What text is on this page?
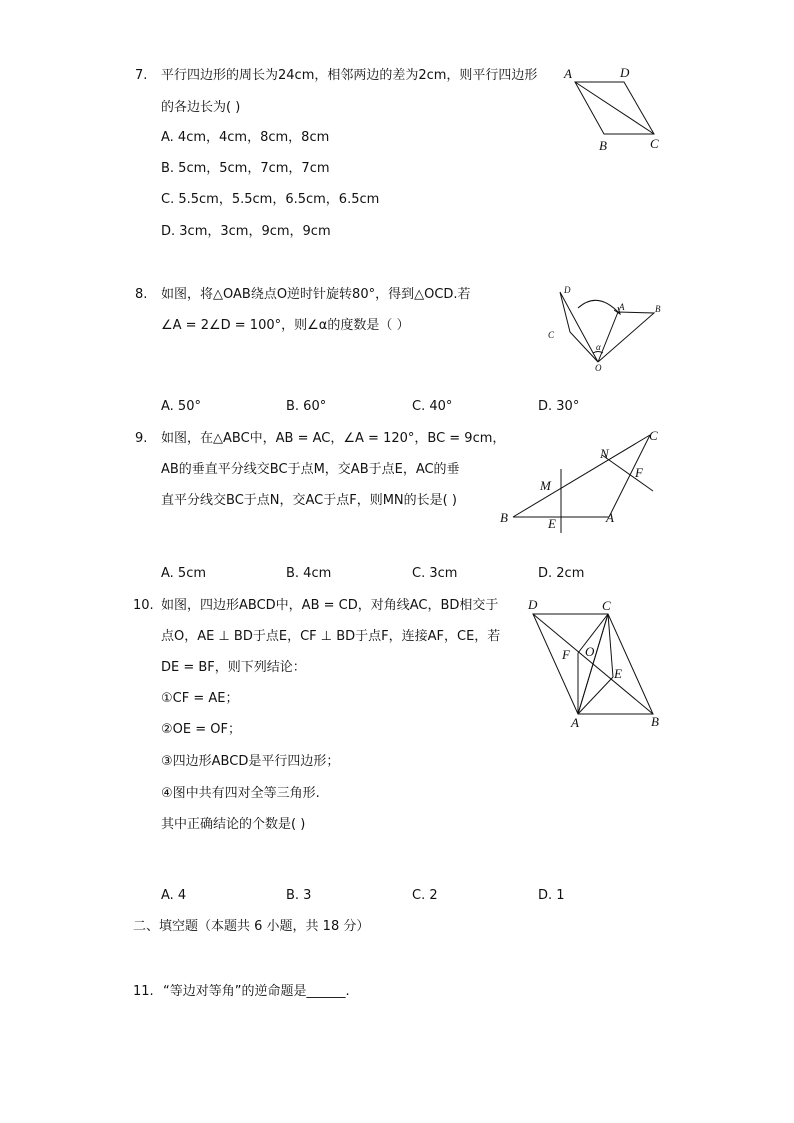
7. 平行四边形的周长为24cm，相邻两边的差为2cm，则平行四边形
的各边长为( )
A. 4cm，4cm，8cm，8cm
B. 5cm，5cm，7cm，7cm
C. 5.5cm，5.5cm，6.5cm，6.5cm
D. 3cm，3cm，9cm，9cm
A	D
B	C
8. 如图，将△OAB绕点O逆时针旋转80°，得到△OCD.若
∠A = 2∠D = 100°，则∠α的度数是（ ）
D
C
A	B
O
α
A. 50°	B. 60°	C. 40°	D. 30°
9. 如图，在△ABC中，AB = AC，∠A = 120°，BC = 9cm，
AB的垂直平分线交BC于点M，交AB于点E，AC的垂
直平分线交BC于点N，交AC于点F，则MN的长是( )
C
N
F
M
B	E	A
A. 5cm	B. 4cm	C. 3cm	D. 2cm
10. 如图，四边形ABCD中，AB = CD，对角线AC，BD相交于
点O，AE ⊥ BD于点E，CF ⊥ BD于点F，连接AF，CE，若
DE = BF，则下列结论：
①CF = AE；
②OE = OF；
③四边形ABCD是平行四边形；
④图中共有四对全等三角形.
其中正确结论的个数是( )
D	C
F O
E
A	B
A. 4	B. 3	C. 2	D. 1
二、填空题（本题共 6 小题，共 18 分）
11. “等边对等角”的逆命题是______.
